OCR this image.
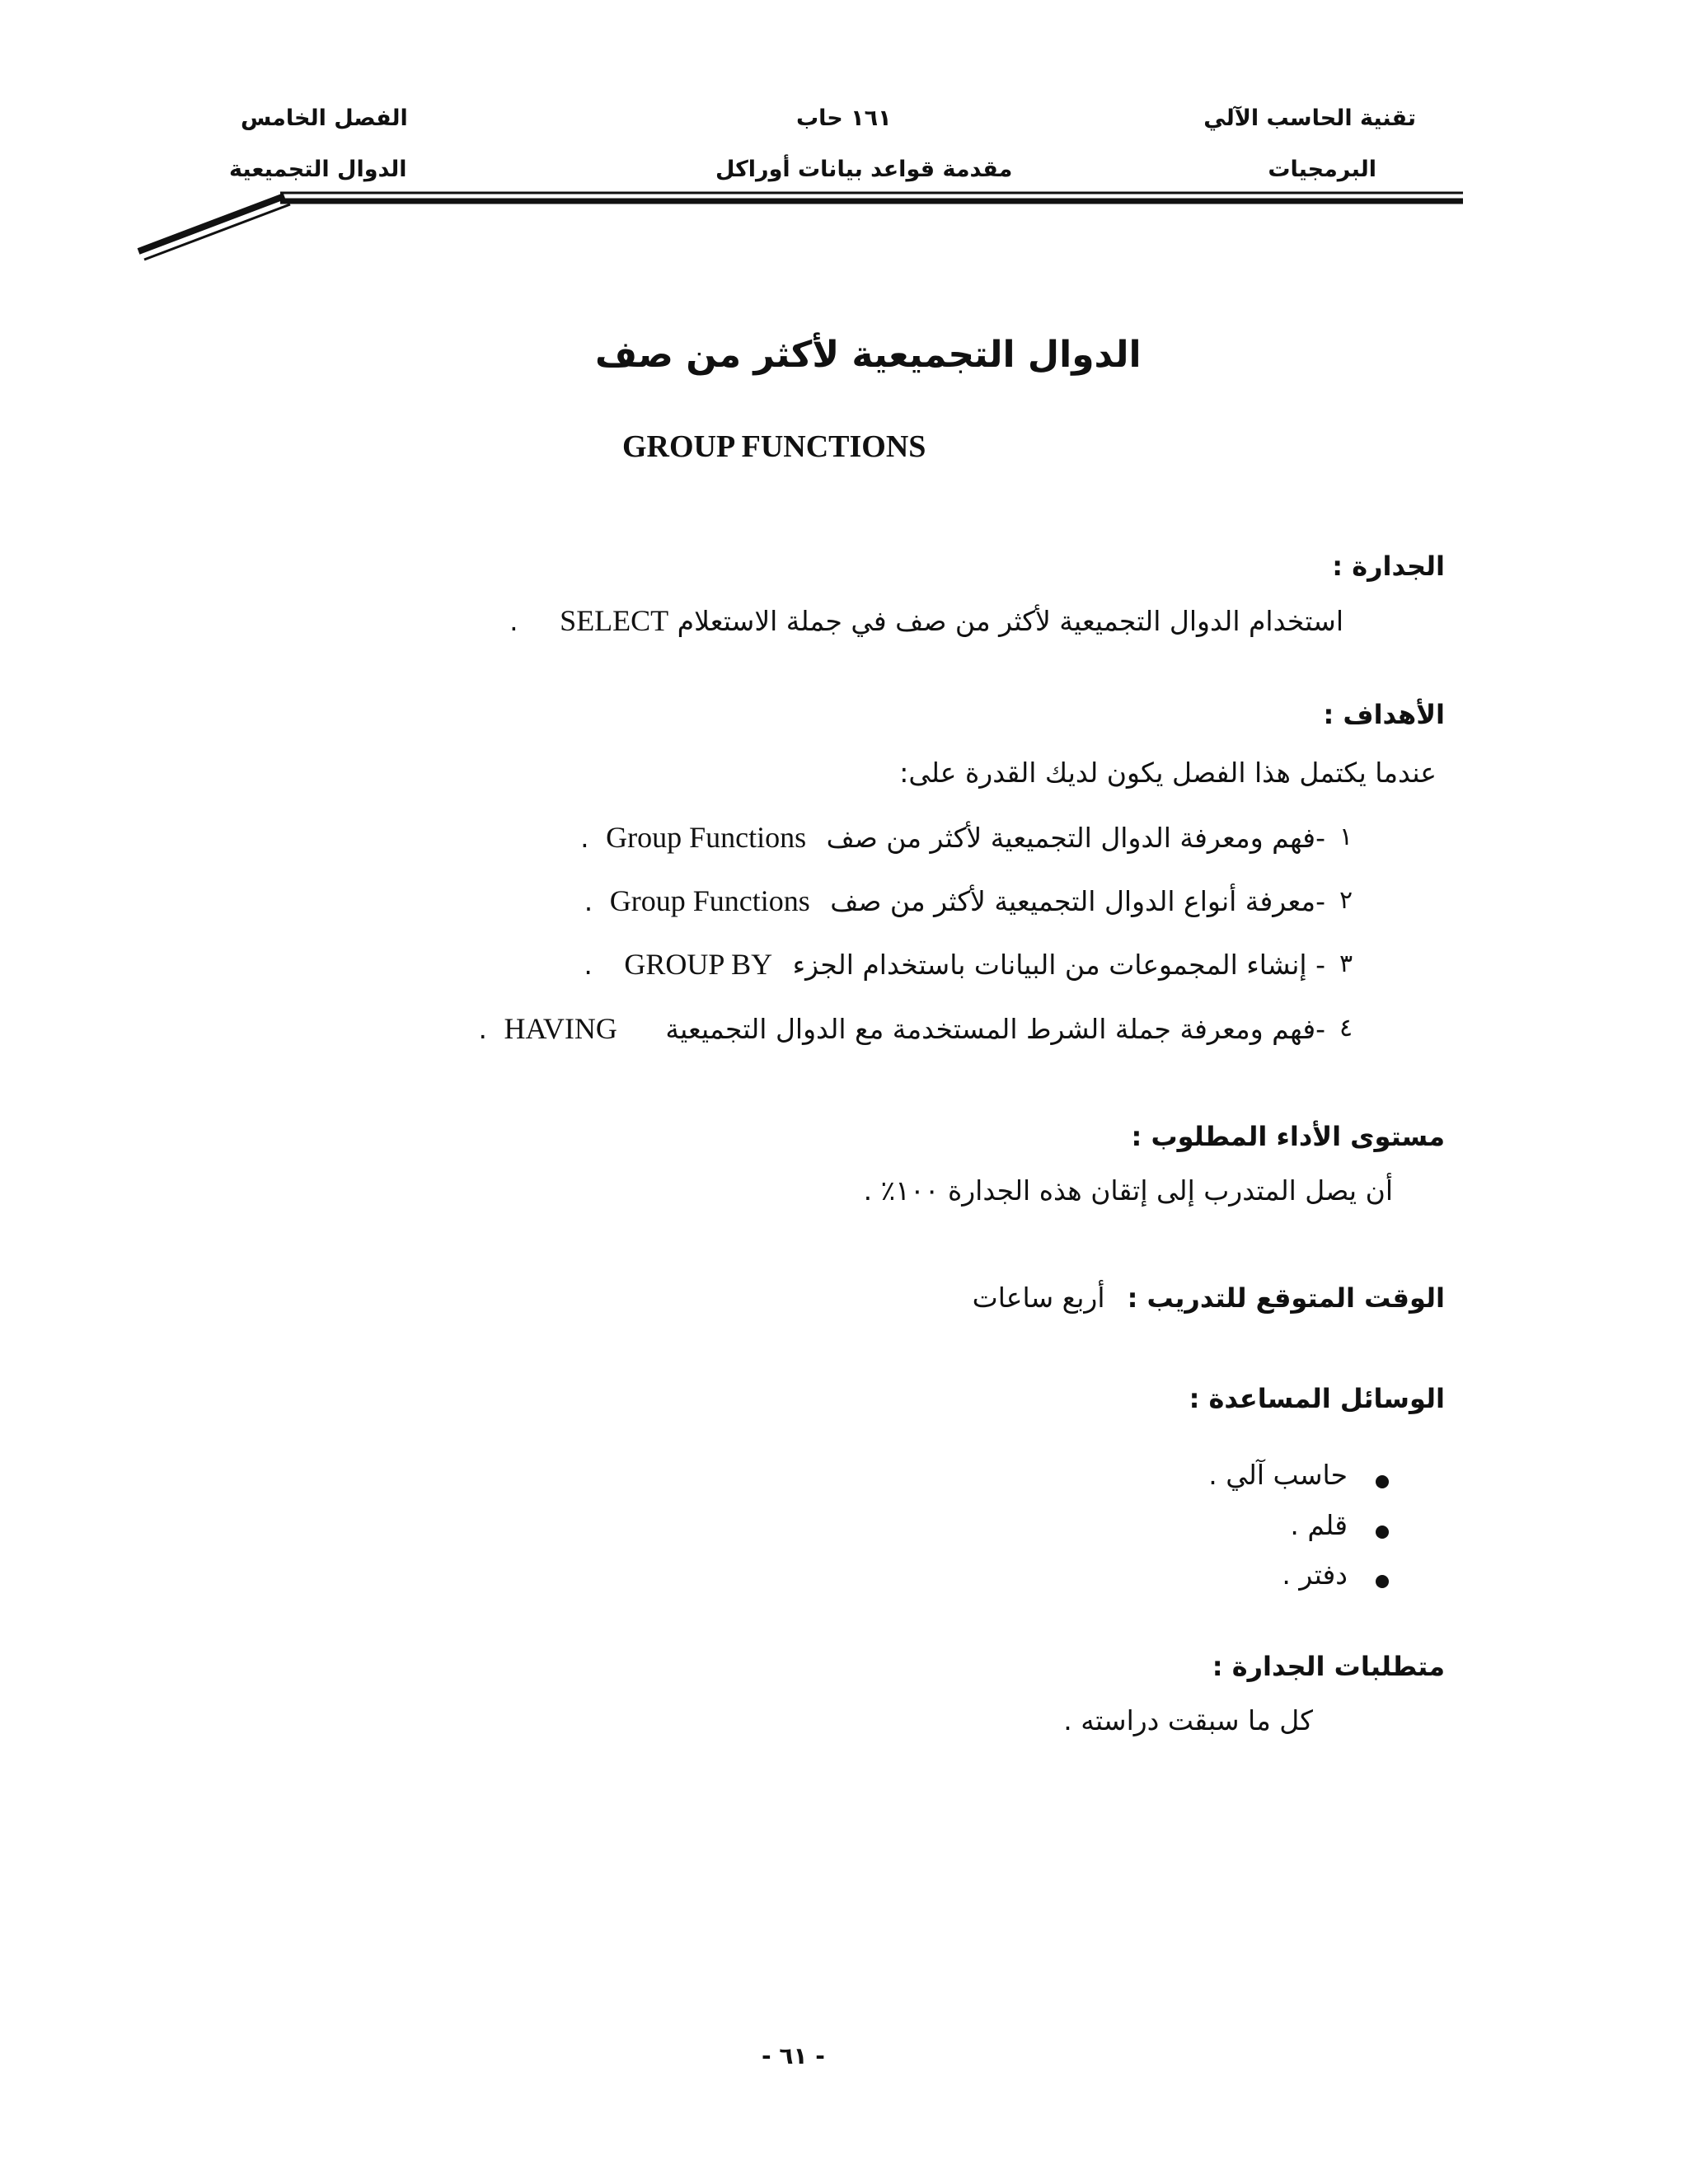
تقنية الحاسب الآلي
البرمجيات
١٦١ حاب
مقدمة قواعد بيانات أوراكل
الفصل الخامس
الدوال التجميعية
الدوال التجميعية لأكثر من صف
GROUP FUNCTIONS
الجدارة :
استخدام الدوال التجميعية لأكثر من صف في جملة الاستعلام SELECT .
الأهداف :
عندما يكتمل هذا الفصل يكون لديك القدرة على:
١
-فهم ومعرفة الدوال التجميعية لأكثر من صف Group Functions .
٢
-معرفة أنواع الدوال التجميعية لأكثر من صف Group Functions .
٣
- إنشاء المجموعات من البيانات باستخدام الجزء GROUP BY .
٤
-فهم ومعرفة جملة الشرط المستخدمة مع الدوال التجميعية HAVING .
مستوى الأداء المطلوب :
أن يصل المتدرب إلى إتقان هذه الجدارة ١٠٠٪ .
الوقت المتوقع للتدريب : أربع ساعات
الوسائل المساعدة :
حاسب آلي .
قلم .
دفتر .
متطلبات الجدارة :
كل ما سبقت دراسته .
- ٦١ -
